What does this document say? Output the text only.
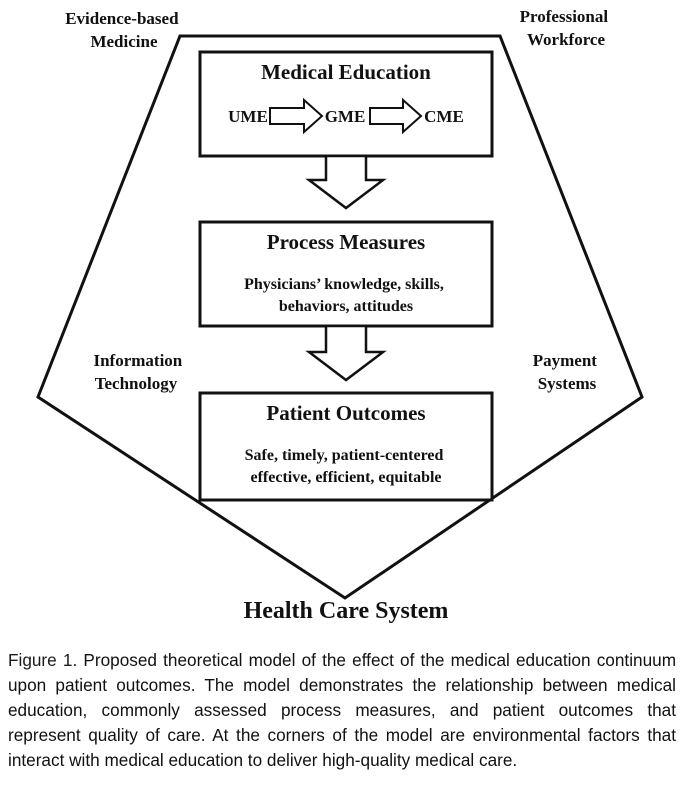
Evidence-based Medicine
Professional Workforce
Information Technology
Payment Systems
Medical Education
UME	GME	CME
Process Measures
Physicians’ knowledge, skills, behaviors, attitudes
Patient Outcomes
Safe, timely, patient-centered effective, efficient, equitable
Health Care System

Figure 1. Proposed theoretical model of the effect of the medical education continuum upon patient outcomes. The model demonstrates the relationship between medical education, commonly assessed process measures, and patient outcomes that represent quality of care. At the corners of the model are environmental factors that interact with medical education to deliver high-quality medical care.
